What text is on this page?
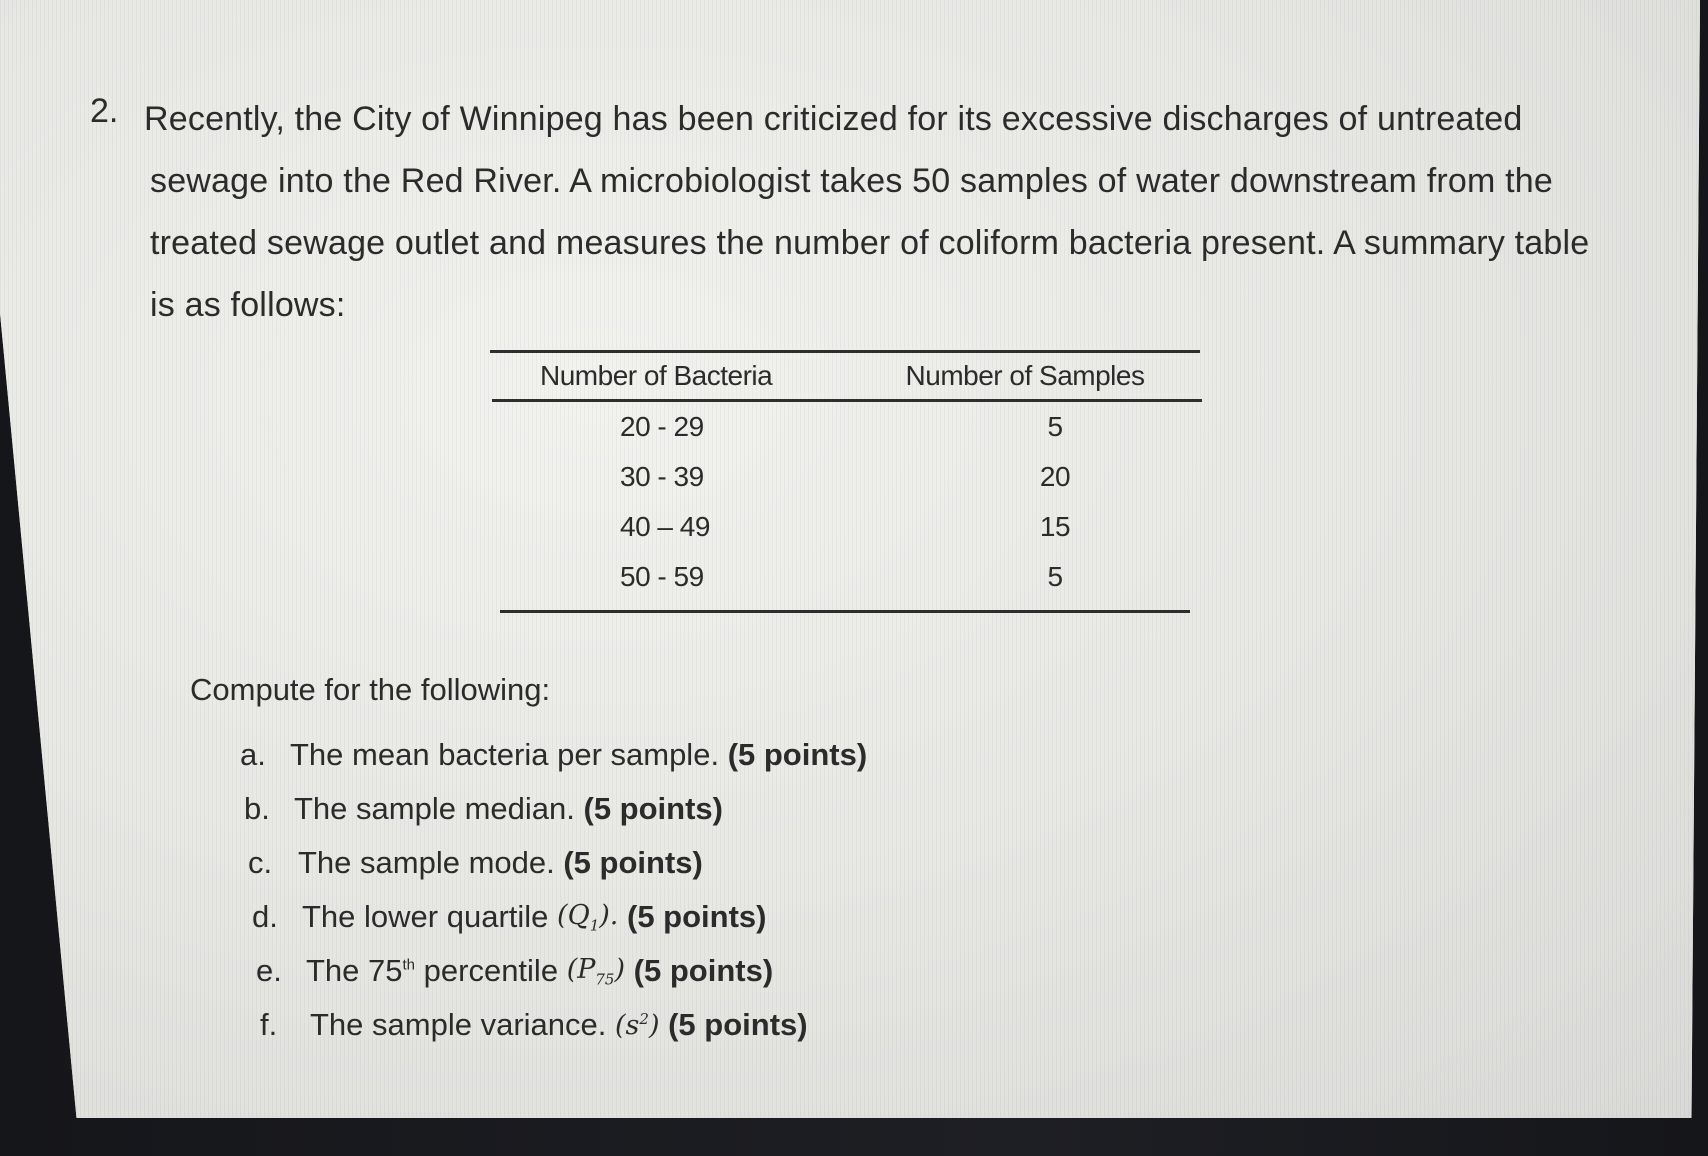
2. Recently, the City of Winnipeg has been criticized for its excessive discharges of untreated
sewage into the Red River. A microbiologist takes 50 samples of water downstream from the
treated sewage outlet and measures the number of coliform bacteria present. A summary table
is as follows:
Number of Bacteria	Number of Samples
20 - 29	5
30 - 39	20
40 – 49	15
50 - 59	5
Compute for the following:
a. The mean bacteria per sample.
(5 points)
b. The sample median.
(5 points)
c. The sample mode.
(5 points)
d. The lower quartile
$(Q_1)$.
(5 points)
e. The 75th percentile
$(P_{75})$
(5 points)
f.	The sample variance.
$(s^2)$
(5 points)
